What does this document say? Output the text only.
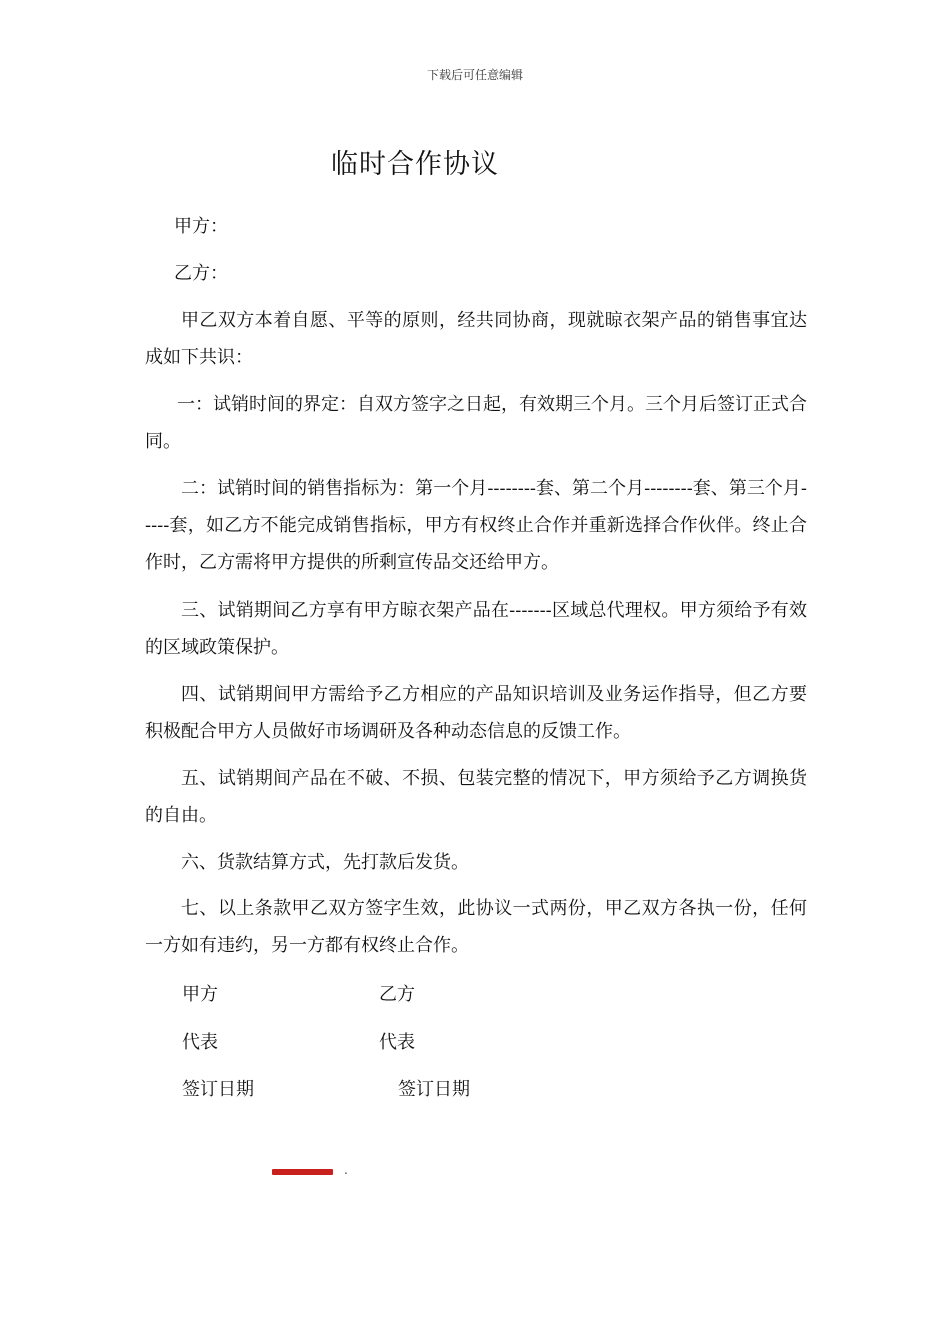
下载后可任意编辑
临时合作协议
甲方：
乙方：
甲乙双方本着自愿、平等的原则，经共同协商，现就晾衣架产品的销售事宜达成如下共识：
一：试销时间的界定：自双方签字之日起，有效期三个月。三个月后签订正式合同。
二：试销时间的销售指标为：第一个月--------套、第二个月--------套、第三个月-----套，如乙方不能完成销售指标，甲方有权终止合作并重新选择合作伙伴。终止合作时，乙方需将甲方提供的所剩宣传品交还给甲方。
三、试销期间乙方享有甲方晾衣架产品在-------区域总代理权。甲方须给予有效的区域政策保护。
四、试销期间甲方需给予乙方相应的产品知识培训及业务运作指导，但乙方要积极配合甲方人员做好市场调研及各种动态信息的反馈工作。
五、试销期间产品在不破、不损、包装完整的情况下，甲方须给予乙方调换货的自由。
六、货款结算方式，先打款后发货。
七、以上条款甲乙双方签字生效，此协议一式两份，甲乙双方各执一份，任何一方如有违约，另一方都有权终止合作。
甲方	乙方
代表	代表
签订日期	签订日期
.
